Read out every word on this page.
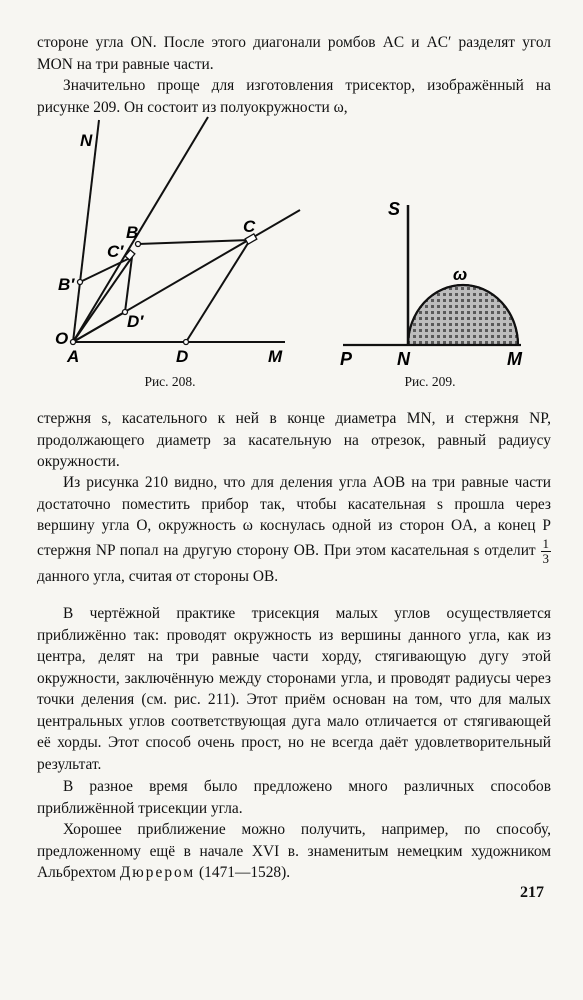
стороне угла ON. После этого диагонали ромбов AC и AC′ разделят угол MON на три равные части.

Значительно проще для изготовления трисектор, изображённый на рисунке 209. Он состоит из полуокружности ω,

N
B	C
C′
B′
D′
O
A	D	M
Рис. 208.
S
ω
P N	M
Рис. 209.

стержня s, касательного к ней в конце диаметра MN, и стержня NP, продолжающего диаметр за касательную на отрезок, равный радиусу окружности.

Из рисунка 210 видно, что для деления угла AOB на три равные части достаточно поместить прибор так, чтобы касательная s прошла через вершину угла O, окружность ω коснулась одной из сторон OA, а конец P стержня NP попал на другую сторону OB. При этом касательная s отделит $\frac{1}{3}$
данного угла, считая от стороны OB.

В чертёжной практике трисекция малых углов осуществляется приближённо так: проводят окружность из вершины данного угла, как из центра, делят на три равные части хорду, стягивающую дугу этой окружности, заключённую между сторонами угла, и проводят радиусы через точки деления (см. рис. 211). Этот приём основан на том, что для малых центральных углов соответствующая дуга мало отличается от стягивающей её хорды. Этот способ очень прост, но не всегда даёт удовлетворительный результат.

В разное время было предложено много различных способов приближённой трисекции угла.

Хорошее приближение можно получить, например, по способу, предложенному ещё в начале XVI в. знаменитым немецким художником Альбрехтом Дюрером (1471—1528).

217
